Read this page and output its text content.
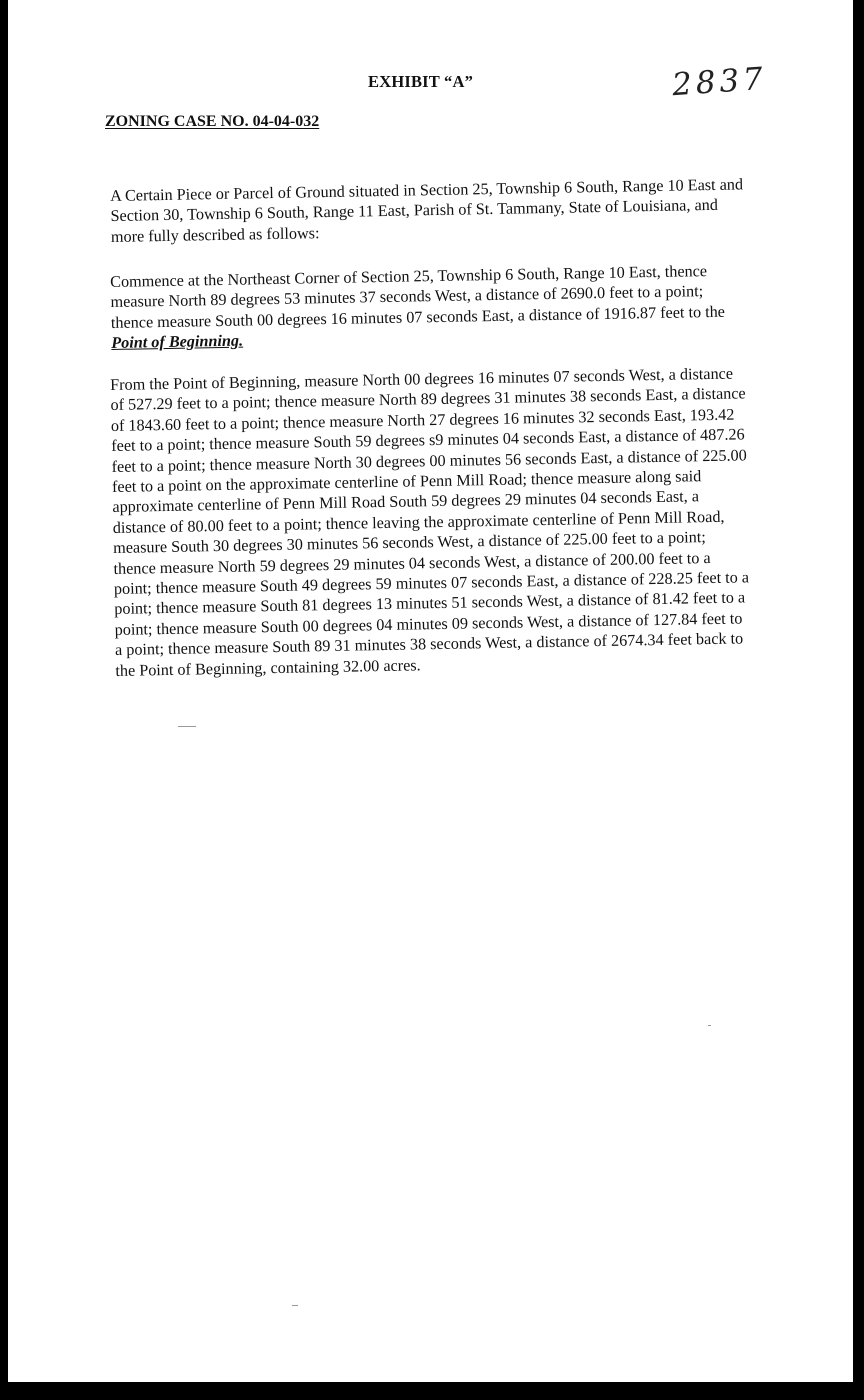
EXHIBIT “A”	2837
ZONING CASE NO. 04-04-032
A Certain Piece or Parcel of Ground situated in Section 25, Township 6 South, Range 10 East and Section 30, Township 6 South, Range 11 East, Parish of St. Tammany, State of Louisiana, and more fully described as follows:
Commence at the Northeast Corner of Section 25, Township 6 South, Range 10 East, thence measure North 89 degrees 53 minutes 37 seconds West, a distance of 2690.0 feet to a point; thence measure South 00 degrees 16 minutes 07 seconds East, a distance of 1916.87 feet to the Point of Beginning.
From the Point of Beginning, measure North 00 degrees 16 minutes 07 seconds West, a distance of 527.29 feet to a point; thence measure North 89 degrees 31 minutes 38 seconds East, a distance of 1843.60 feet to a point; thence measure North 27 degrees 16 minutes 32 seconds East, 193.42 feet to a point; thence measure South 59 degrees s9 minutes 04 seconds East, a distance of 487.26 feet to a point; thence measure North 30 degrees 00 minutes 56 seconds East, a distance of 225.00 feet to a point on the approximate centerline of Penn Mill Road; thence measure along said approximate centerline of Penn Mill Road South 59 degrees 29 minutes 04 seconds East, a distance of 80.00 feet to a point; thence leaving the approximate centerline of Penn Mill Road, measure South 30 degrees 30 minutes 56 seconds West, a distance of 225.00 feet to a point; thence measure North 59 degrees 29 minutes 04 seconds West, a distance of 200.00 feet to a point; thence measure South 49 degrees 59 minutes 07 seconds East, a distance of 228.25 feet to a point; thence measure South 81 degrees 13 minutes 51 seconds West, a distance of 81.42 feet to a point; thence measure South 00 degrees 04 minutes 09 seconds West, a distance of 127.84 feet to a point; thence measure South 89 31 minutes 38 seconds West, a distance of 2674.34 feet back to the Point of Beginning, containing 32.00 acres.
